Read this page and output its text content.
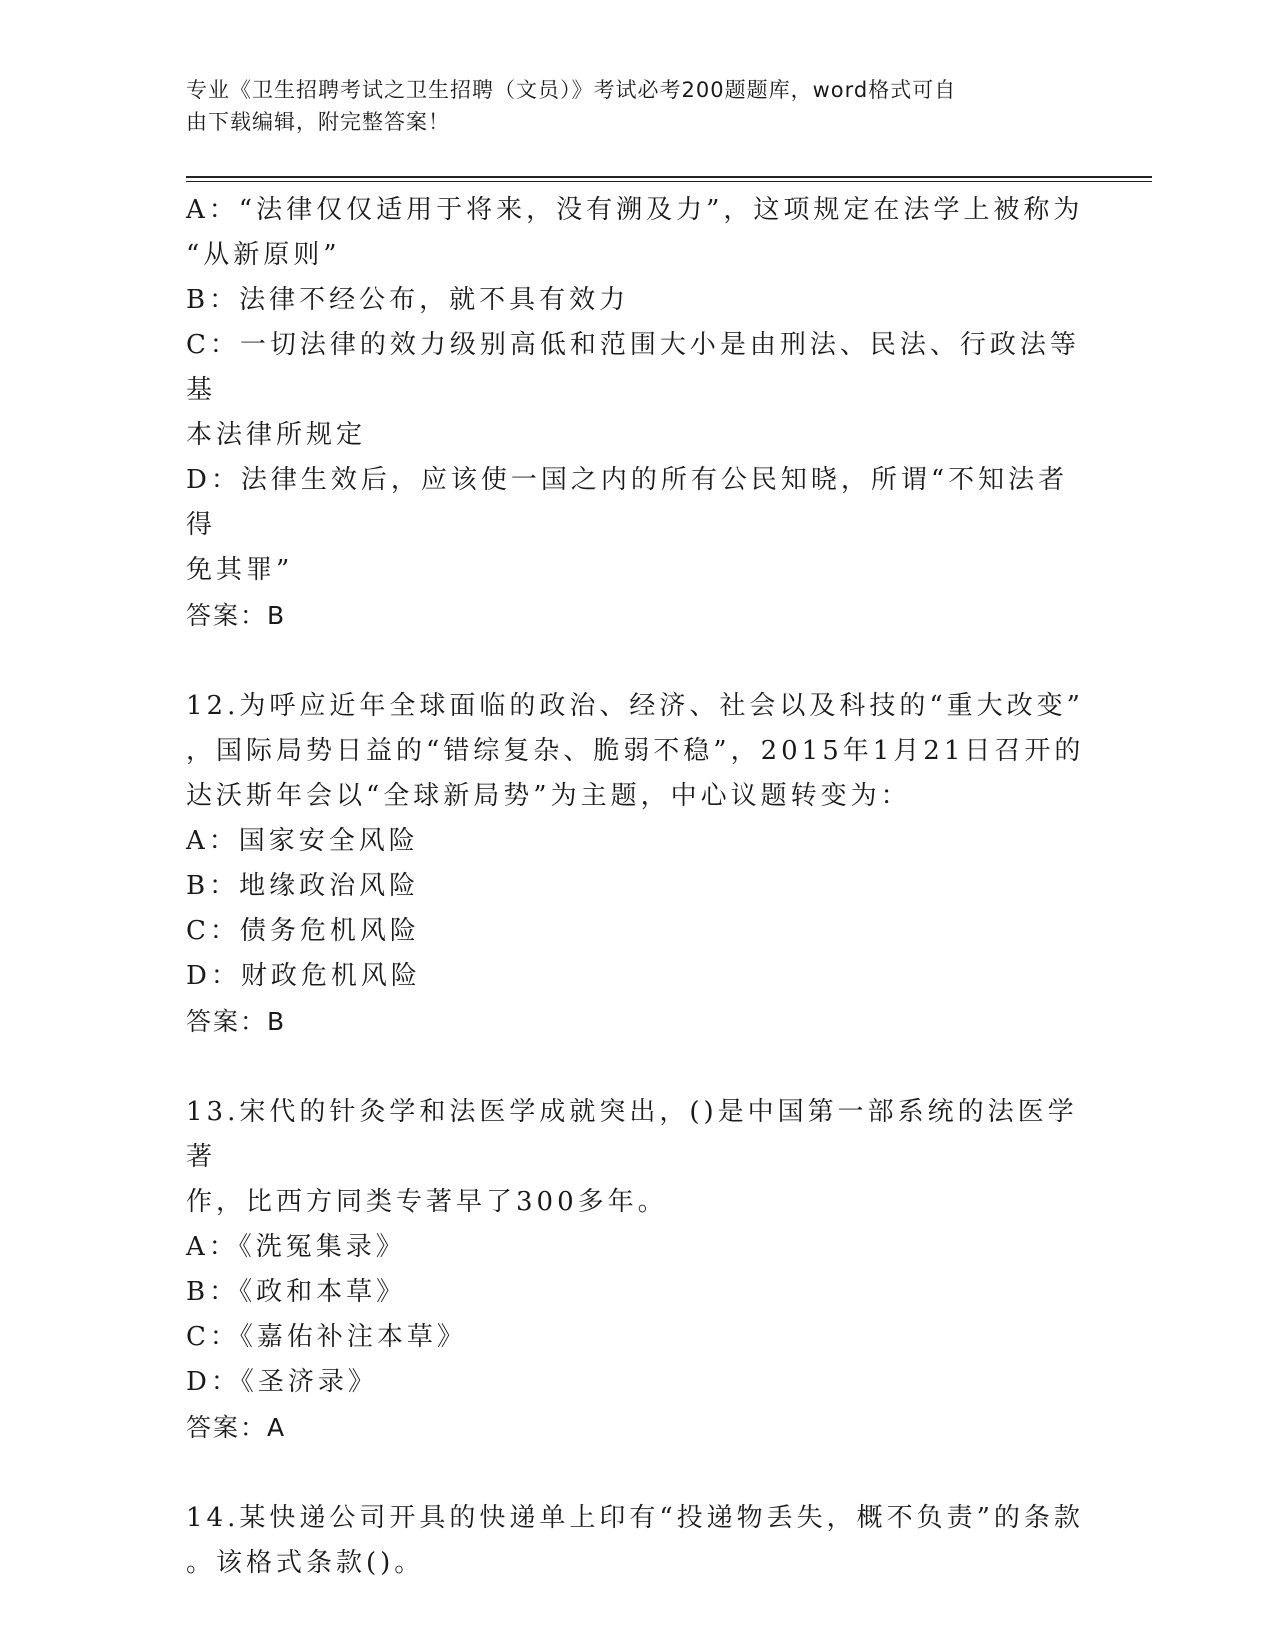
专业《卫生招聘考试之卫生招聘（文员）》考试必考200题题库，word格式可自
由下载编辑，附完整答案！
A：“法律仅仅适用于将来，没有溯及力”，这项规定在法学上被称为
“从新原则”
B：法律不经公布，就不具有效力
C：一切法律的效力级别高低和范围大小是由刑法、民法、行政法等基
本法律所规定
D：法律生效后，应该使一国之内的所有公民知晓，所谓“不知法者得
免其罪”
答案：B
12.为呼应近年全球面临的政治、经济、社会以及科技的“重大改变”
，国际局势日益的“错综复杂、脆弱不稳”，2015年1月21日召开的
达沃斯年会以“全球新局势”为主题，中心议题转变为：
A：国家安全风险
B：地缘政治风险
C：债务危机风险
D：财政危机风险
答案：B
13.宋代的针灸学和法医学成就突出，()是中国第一部系统的法医学著
作，比西方同类专著早了300多年。
A：《洗冤集录》
B：《政和本草》
C：《嘉佑补注本草》
D：《圣济录》
答案：A
14.某快递公司开具的快递单上印有“投递物丢失，概不负责”的条款
。该格式条款()。
